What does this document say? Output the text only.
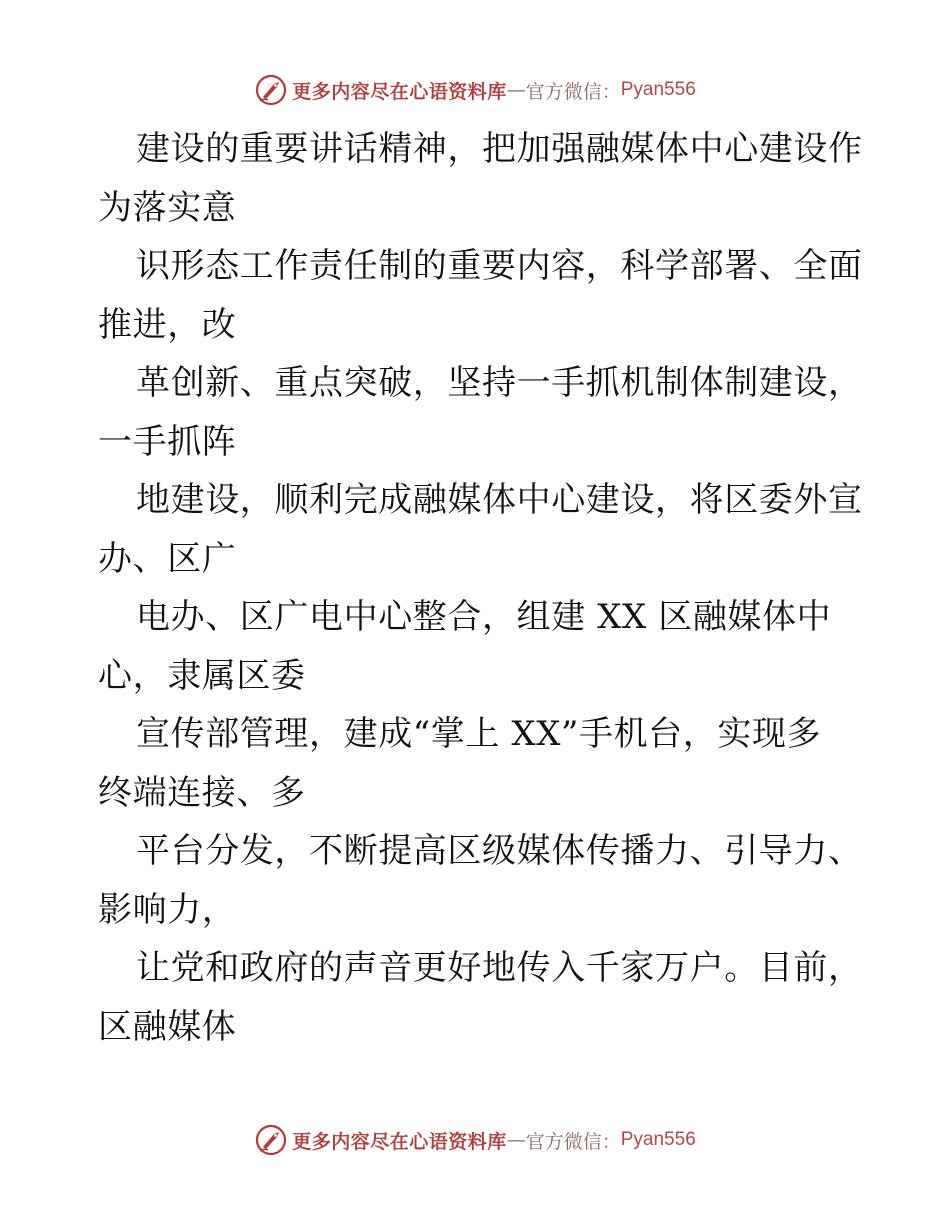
更多内容尽在心语资料库 — 官方微信： Pyan556
建设的重要讲话精神，把加强融媒体中心建设作
为落实意
识形态工作责任制的重要内容，科学部署、全面
推进，改
革创新、重点突破，坚持一手抓机制体制建设，
一手抓阵
地建设，顺利完成融媒体中心建设，将区委外宣
办、区广
电办、区广电中心整合，组建 XX 区融媒体中
心，隶属区委
宣传部管理，建成“掌上 XX”手机台，实现多
终端连接、多
平台分发，不断提高区级媒体传播力、引导力、
影响力，
让党和政府的声音更好地传入千家万户。目前，
区融媒体
更多内容尽在心语资料库 — 官方微信： Pyan556
